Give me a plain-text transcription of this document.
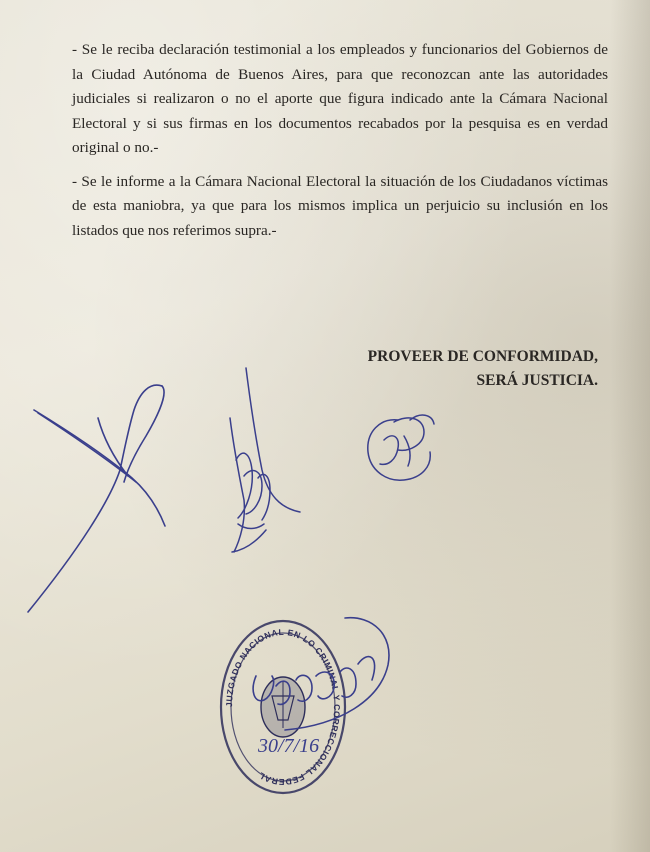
- Se le reciba declaración testimonial a los empleados y funcionarios del Gobiernos de la Ciudad Autónoma de Buenos Aires, para que reconozcan ante las autoridades judiciales si realizaron o no el aporte que figura indicado ante la Cámara Nacional Electoral y si sus firmas en los documentos recabados por la pesquisa es en verdad original o no.-

- Se le informe a la Cámara Nacional Electoral la situación de los Ciudadanos víctimas de esta maniobra, ya que para los mismos implica un perjuicio su inclusión en los listados que nos referimos supra.-

PROVEER DE CONFORMIDAD,
SERÁ JUSTICIA.
JUZGADO NACIONAL EN LO CRIMINAL Y CORRECCIONAL FEDERAL
30/7/16
